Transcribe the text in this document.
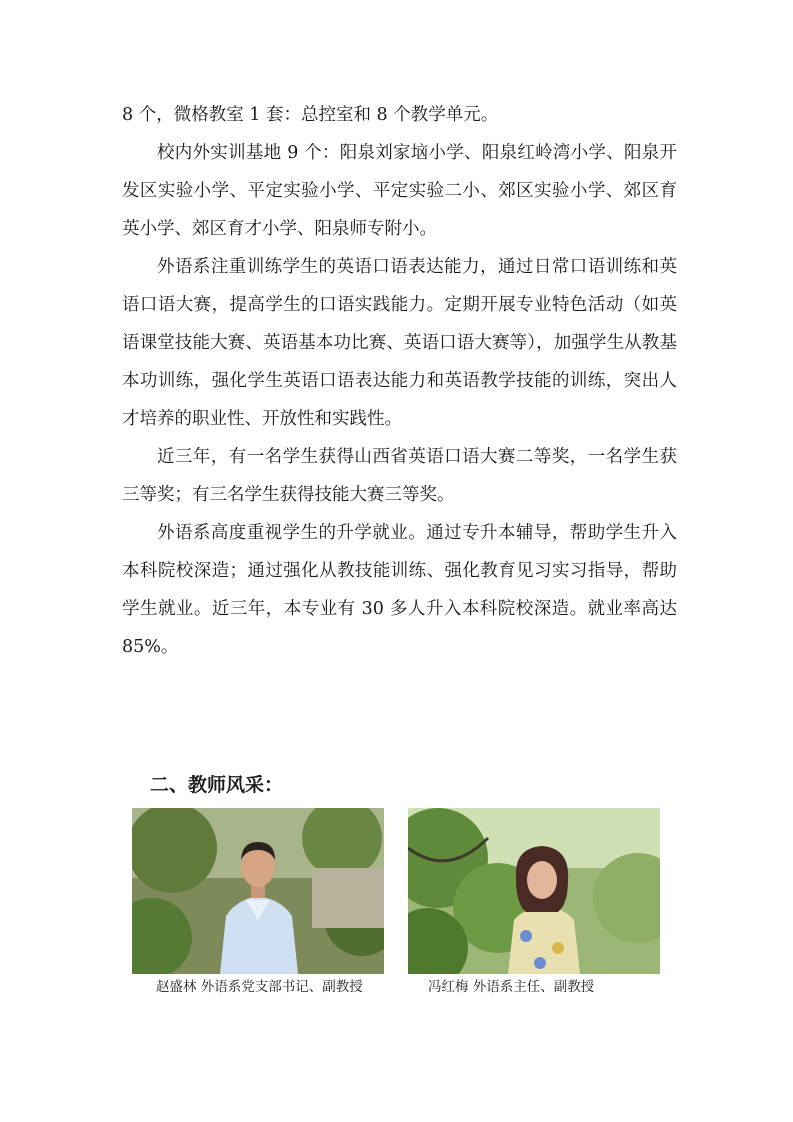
8 个，微格教室 1 套：总控室和 8 个教学单元。

校内外实训基地 9 个：阳泉刘家垴小学、阳泉红岭湾小学、阳泉开发区实验小学、平定实验小学、平定实验二小、郊区实验小学、郊区育英小学、郊区育才小学、阳泉师专附小。

外语系注重训练学生的英语口语表达能力，通过日常口语训练和英语口语大赛，提高学生的口语实践能力。定期开展专业特色活动（如英语课堂技能大赛、英语基本功比赛、英语口语大赛等），加强学生从教基本功训练，强化学生英语口语表达能力和英语教学技能的训练，突出人才培养的职业性、开放性和实践性。

近三年，有一名学生获得山西省英语口语大赛二等奖，一名学生获三等奖；有三名学生获得技能大赛三等奖。

外语系高度重视学生的升学就业。通过专升本辅导，帮助学生升入本科院校深造；通过强化从教技能训练、强化教育见习实习指导，帮助学生就业。近三年，本专业有 30 多人升入本科院校深造。就业率高达 85%。

二、教师风采：
赵盛林 外语系党支部书记、副教授	冯红梅 外语系主任、副教授
